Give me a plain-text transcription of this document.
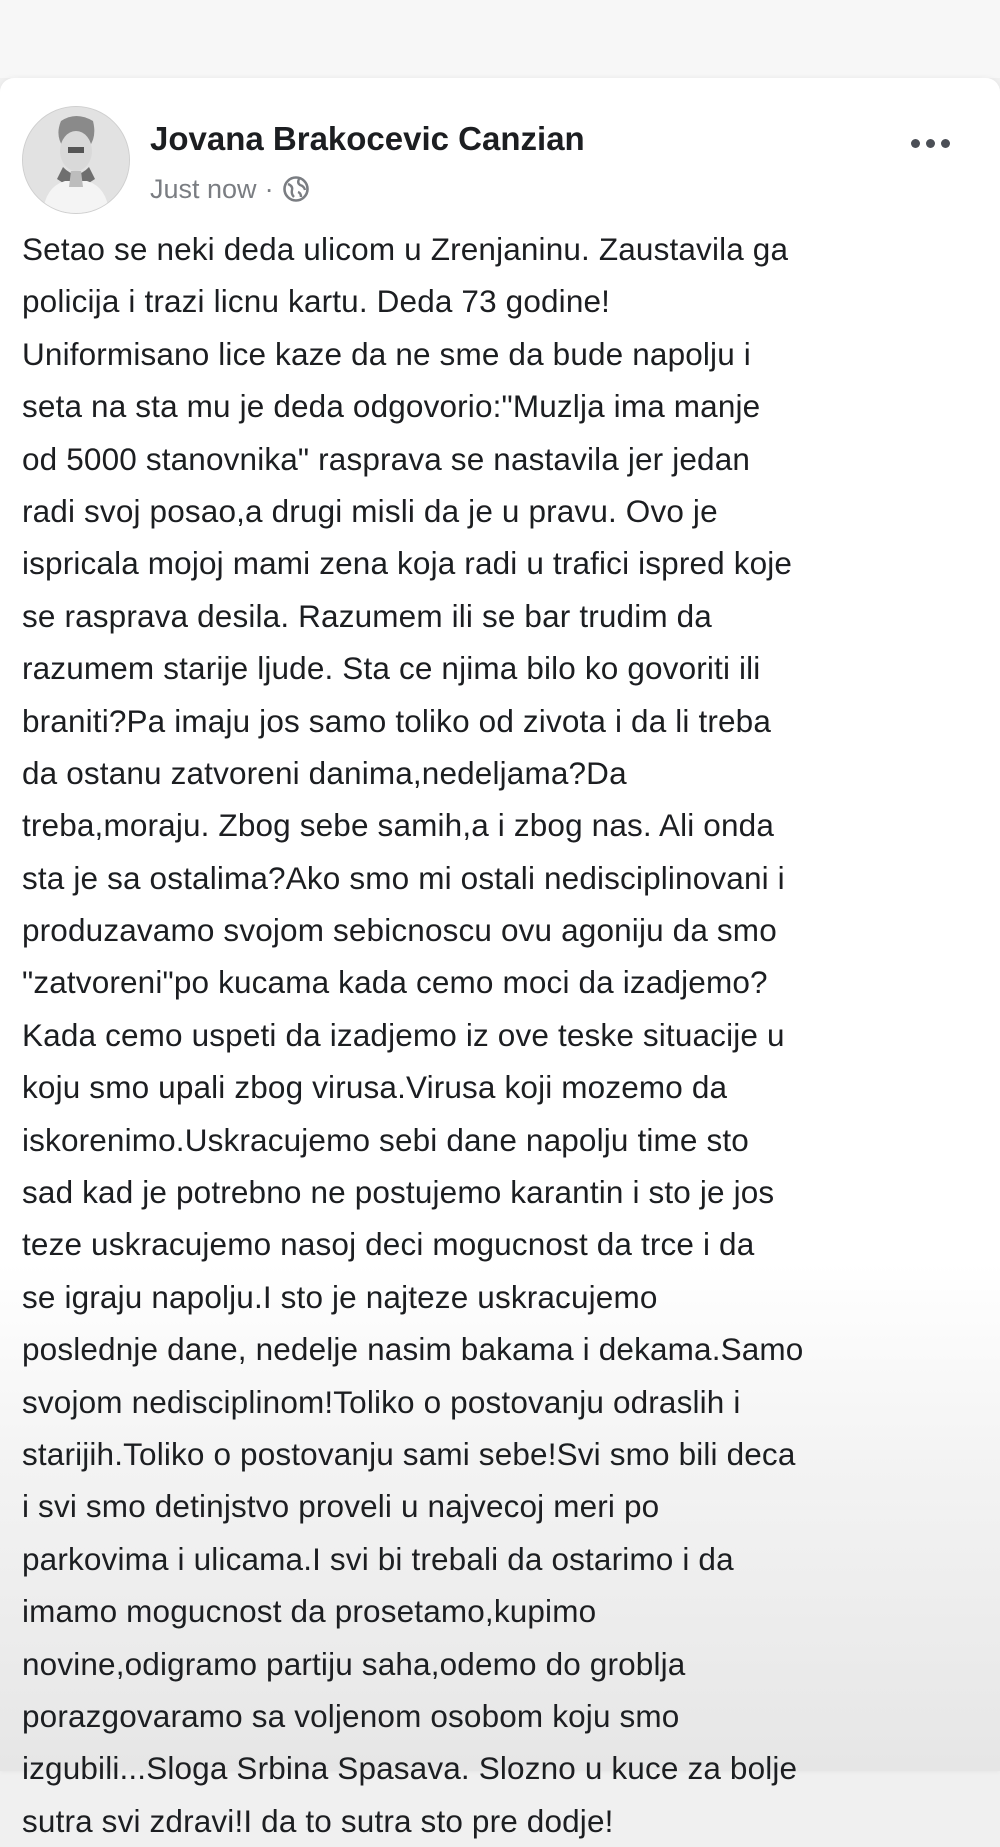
Jovana Brakocevic Canzian
Just now ·
Setao se neki deda ulicom u Zrenjaninu. Zaustavila ga
policija i trazi licnu kartu. Deda 73 godine!
Uniformisano lice kaze da ne sme da bude napolju i
seta na sta mu je deda odgovorio:"Muzlja ima manje
od 5000 stanovnika" rasprava se nastavila jer jedan
radi svoj posao,a drugi misli da je u pravu. Ovo je
ispricala mojoj mami zena koja radi u trafici ispred koje
se rasprava desila. Razumem ili se bar trudim da
razumem starije ljude. Sta ce njima bilo ko govoriti ili
braniti?Pa imaju jos samo toliko od zivota i da li treba
da ostanu zatvoreni danima,nedeljama?Da
treba,moraju. Zbog sebe samih,a i zbog nas. Ali onda
sta je sa ostalima?Ako smo mi ostali nedisciplinovani i
produzavamo svojom sebicnoscu ovu agoniju da smo
"zatvoreni"po kucama kada cemo moci da izadjemo?
Kada cemo uspeti da izadjemo iz ove teske situacije u
koju smo upali zbog virusa.Virusa koji mozemo da
iskorenimo.Uskracujemo sebi dane napolju time sto
sad kad je potrebno ne postujemo karantin i sto je jos
teze uskracujemo nasoj deci mogucnost da trce i da
se igraju napolju.I sto je najteze uskracujemo
poslednje dane, nedelje nasim bakama i dekama.Samo
svojom nedisciplinom!Toliko o postovanju odraslih i
starijih.Toliko o postovanju sami sebe!Svi smo bili deca
i svi smo detinjstvo proveli u najvecoj meri po
parkovima i ulicama.I svi bi trebali da ostarimo i da
imamo mogucnost da prosetamo,kupimo
novine,odigramo partiju saha,odemo do groblja
porazgovaramo sa voljenom osobom koju smo
izgubili...Sloga Srbina Spasava. Slozno u kuce za bolje
sutra svi zdravi!I da to sutra sto pre dodje!
